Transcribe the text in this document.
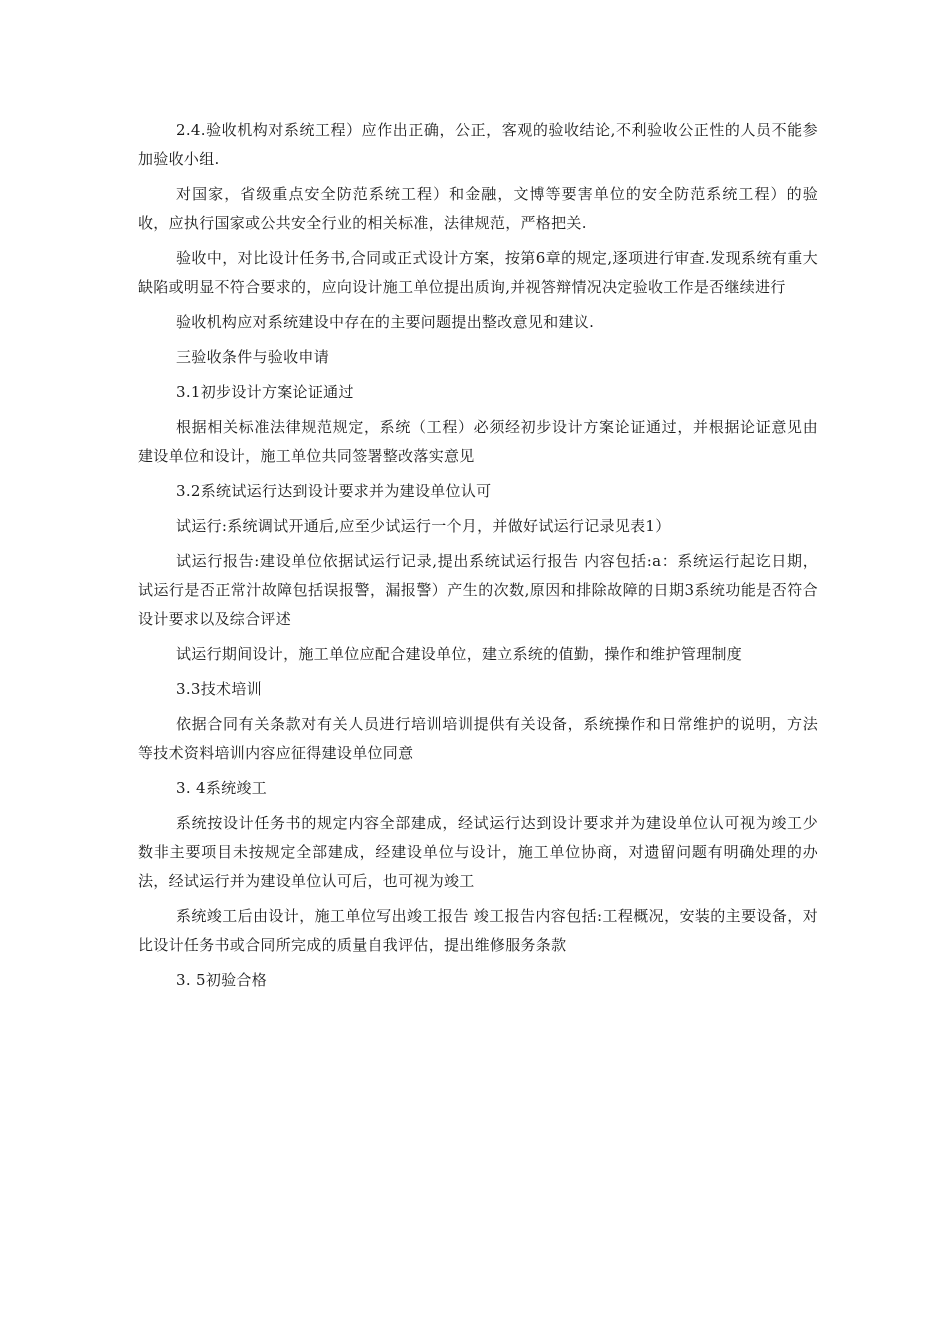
2.4.验收机构对系统工程）应作出正确，公正，客观的验收结论,不利验收公正性的人员不能参加验收小组.

对国家，省级重点安全防范系统工程）和金融，文博等要害单位的安全防范系统工程）的验收，应执行国家或公共安全行业的相关标准，法律规范，严格把关.

验收中，对比设计任务书,合同或正式设计方案，按第6章的规定,逐项进行审查.发现系统有重大缺陷或明显不符合要求的，应向设计施工单位提出质询,并视答辩情况决定验收工作是否继续进行

验收机构应对系统建设中存在的主要问题提出整改意见和建议.

三验收条件与验收申请

3.1初步设计方案论证通过

根据相关标准法律规范规定，系统（工程）必须经初步设计方案论证通过，并根据论证意见由建设单位和设计，施工单位共同签署整改落实意见

3.2系统试运行达到设计要求并为建设单位认可

试运行:系统调试开通后,应至少试运行一个月，并做好试运行记录见表1）

试运行报告:建设单位依据试运行记录,提出系统试运行报告 内容包括:a：系统运行起讫日期，试运行是否正常汁故障包括误报警，漏报警）产生的次数,原因和排除故障的日期3系统功能是否符合设计要求以及综合评述

试运行期间设计，施工单位应配合建设单位，建立系统的值勤，操作和维护管理制度

3.3技术培训

依据合同有关条款对有关人员进行培训培训提供有关设备，系统操作和日常维护的说明，方法等技术资料培训内容应征得建设单位同意

3. 4系统竣工

系统按设计任务书的规定内容全部建成，经试运行达到设计要求并为建设单位认可视为竣工少数非主要项目未按规定全部建成，经建设单位与设计，施工单位协商，对遗留问题有明确处理的办法，经试运行并为建设单位认可后，也可视为竣工

系统竣工后由设计，施工单位写出竣工报告 竣工报告内容包括:工程概况，安装的主要设备，对比设计任务书或合同所完成的质量自我评估，提出维修服务条款

3. 5初验合格
